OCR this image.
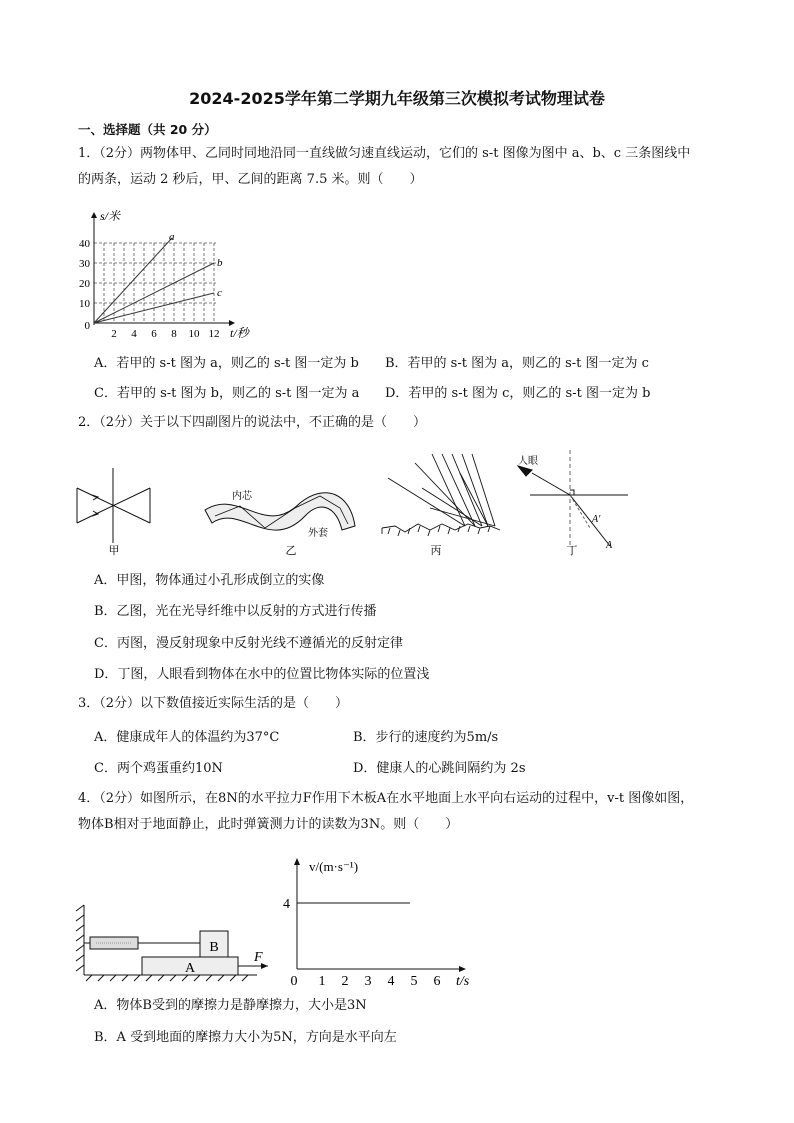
2024-2025学年第二学期九年级第三次模拟考试物理试卷
一、选择题（共 20 分）
1．（2分）两物体甲、乙同时同地沿同一直线做匀速直线运动，它们的 s-t 图像为图中 a、b、c 三条图线中
的两条，运动 2 秒后，甲、乙间的距离 7.5 米。则（　　）
s/米
t/秒
a
b
c
40
30
20
10
0
2 4 6 8 10 12
A．若甲的 s-t 图为 a，则乙的 s-t 图一定为 b B．若甲的 s-t 图为 a，则乙的 s-t 图一定为 c
C．若甲的 s-t 图为 b，则乙的 s-t 图一定为 a D．若甲的 s-t 图为 c，则乙的 s-t 图一定为 b
2．（2分）关于以下四副图片的说法中，不正确的是（　　）
甲
内芯
外套
乙	丙
人眼
A′
A
丁
A．甲图，物体通过小孔形成倒立的实像
B．乙图，光在光导纤维中以反射的方式进行传播
C．丙图，漫反射现象中反射光线不遵循光的反射定律
D．丁图，人眼看到物体在水中的位置比物体实际的位置浅
3．（2分）以下数值接近实际生活的是（　　）
A．健康成年人的体温约为37°C	B．步行的速度约为5m/s
C．两个鸡蛋重约10N	D．健康人的心跳间隔约为 2s
4．（2分）如图所示，在8N的水平拉力F作用下木板A在水平地面上水平向右运动的过程中，v-t 图像如图，
物体B相对于地面静止，此时弹簧测力计的读数为3N。则（　　）
B
A
F
v/(m·s⁻¹)
t/s
4
0 1 2 3 4 5 6
A．物体B受到的摩擦力是静摩擦力，大小是3N
B．A 受到地面的摩擦力大小为5N，方向是水平向左
